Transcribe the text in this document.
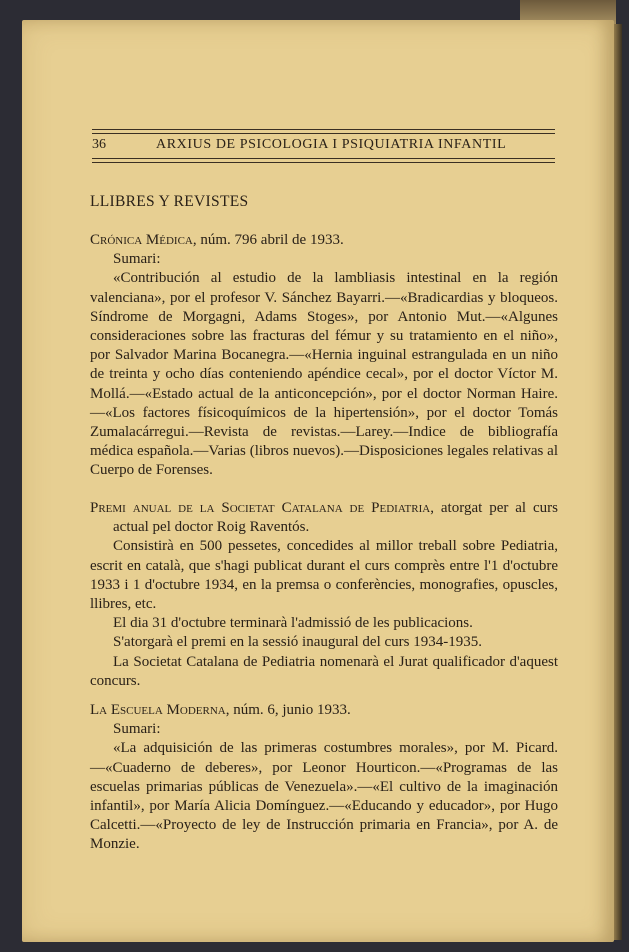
36	ARXIUS DE PSICOLOGIA I PSIQUIATRIA INFANTIL
LLIBRES Y REVISTES

Crónica Médica, núm. 796 abril de 1933.

Sumari:

«Contribución al estudio de la lambliasis intestinal en la región valenciana», por el profesor V. Sánchez Bayarri.—«Bradicardias y bloqueos. Síndrome de Morgagni, Adams Stoges», por Antonio Mut.—«Algunes consideraciones sobre las fracturas del fémur y su tratamiento en el niño», por Salvador Marina Bocanegra.—«Hernia inguinal estrangulada en un niño de treinta y ocho días conteniendo apéndice cecal», por el doctor Víctor M. Mollá.—«Estado actual de la anticoncepción», por el doctor Norman Haire.—«Los factores físicoquímicos de la hipertensión», por el doctor Tomás Zumalacárregui.—Revista de revistas.—Larey.—Indice de bibliografía médica española.—Varias (libros nuevos).—Disposiciones legales relativas al Cuerpo de Forenses.

Premi anual de la Societat Catalana de Pediatria, atorgat per al curs actual pel doctor Roig Raventós.

Consistirà en 500 pessetes, concedides al millor treball sobre Pediatria, escrit en català, que s'hagi publicat durant el curs comprès entre l'1 d'octubre 1933 i 1 d'octubre 1934, en la premsa o conferències, monografies, opuscles, llibres, etc.

El dia 31 d'octubre terminarà l'admissió de les publicacions.

S'atorgarà el premi en la sessió inaugural del curs 1934-1935.

La Societat Catalana de Pediatria nomenarà el Jurat qualificador d'aquest concurs.

La Escuela Moderna, núm. 6, junio 1933.

Sumari:

«La adquisición de las primeras costumbres morales», por M. Picard.—«Cuaderno de deberes», por Leonor Hourticon.—«Programas de las escuelas primarias públicas de Venezuela».—«El cultivo de la imaginación infantil», por María Alicia Domínguez.—«Educando y educador», por Hugo Calcetti.—«Proyecto de ley de Instrucción primaria en Francia», por A. de Monzie.
